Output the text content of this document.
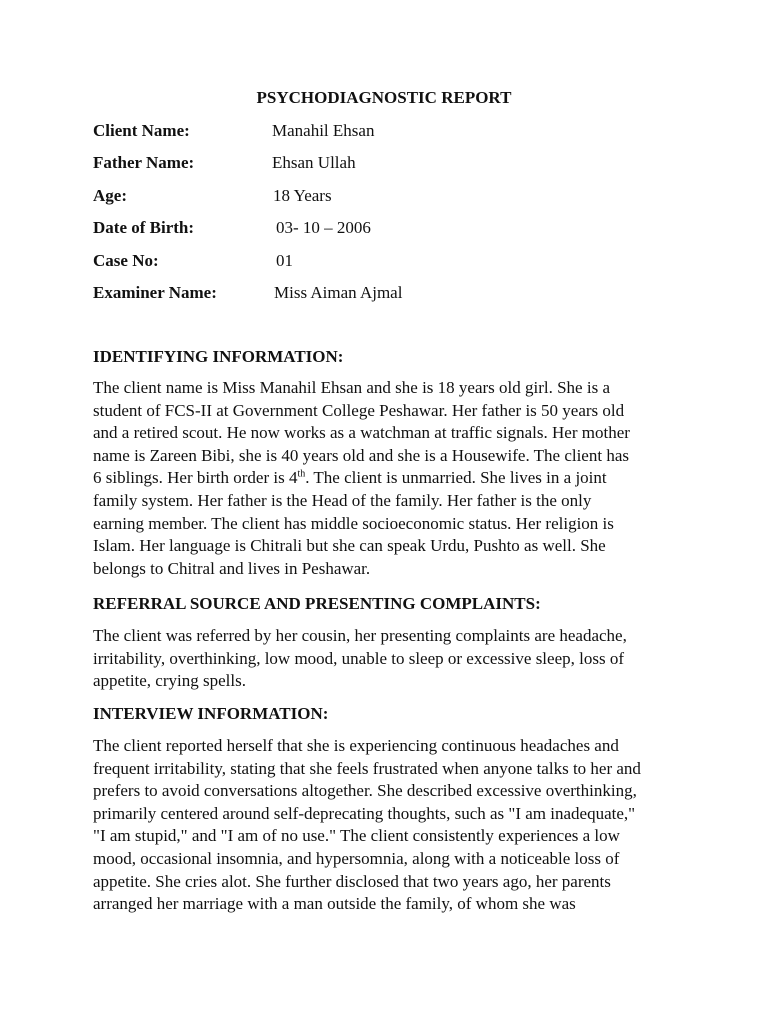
PSYCHODIAGNOSTIC REPORT
Client Name:	Manahil Ehsan
Father Name:	Ehsan Ullah
Age:	18 Years
Date of Birth:	03- 10 – 2006
Case No:	01
Examiner Name:	Miss Aiman Ajmal
IDENTIFYING INFORMATION:
The client name is Miss Manahil Ehsan and she is 18 years old girl. She is a
student of FCS-II at Government College Peshawar. Her father is 50 years old
and a retired scout. He now works as a watchman at traffic signals. Her mother
name is Zareen Bibi, she is 40 years old and she is a Housewife. The client has
6 siblings. Her birth order is 4th. The client is unmarried. She lives in a joint
family system. Her father is the Head of the family. Her father is the only
earning member. The client has middle socioeconomic status. Her religion is
Islam. Her language is Chitrali but she can speak Urdu, Pushto as well. She
belongs to Chitral and lives in Peshawar.
REFERRAL SOURCE AND PRESENTING COMPLAINTS:
The client was referred by her cousin, her presenting complaints are headache,
irritability, overthinking, low mood, unable to sleep or excessive sleep, loss of
appetite, crying spells.
INTERVIEW INFORMATION:
The client reported herself that she is experiencing continuous headaches and
frequent irritability, stating that she feels frustrated when anyone talks to her and
prefers to avoid conversations altogether. She described excessive overthinking,
primarily centered around self-deprecating thoughts, such as "I am inadequate,"
"I am stupid," and "I am of no use." The client consistently experiences a low
mood, occasional insomnia, and hypersomnia, along with a noticeable loss of
appetite. She cries alot. She further disclosed that two years ago, her parents
arranged her marriage with a man outside the family, of whom she was
